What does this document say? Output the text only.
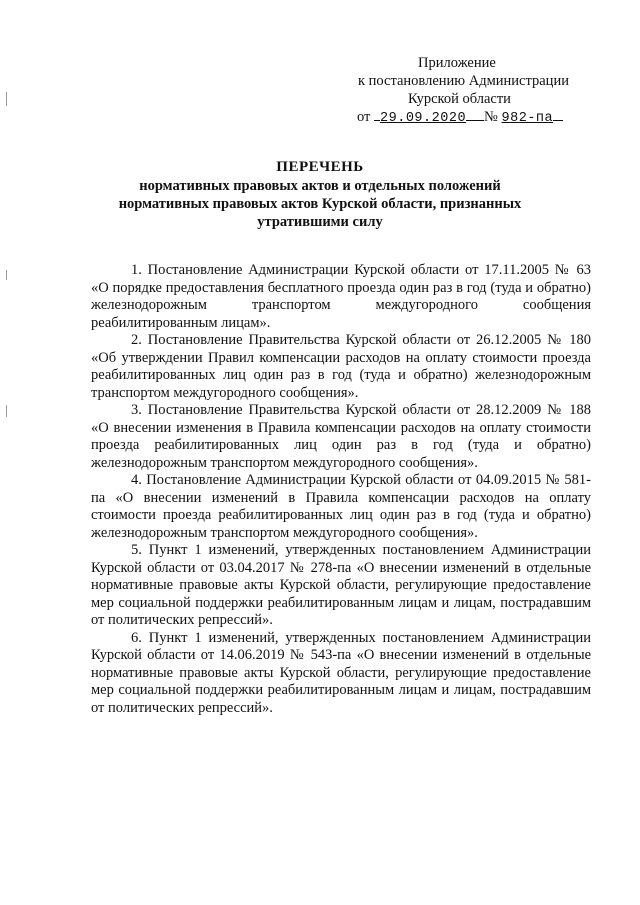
Приложение
к постановлению Администрации
Курской области
от 29.09.2020 № 982-па
ПЕРЕЧЕНЬ
нормативных правовых актов и отдельных положений
нормативных правовых актов Курской области, признанных
утратившими силу

1. Постановление Администрации Курской области от 17.11.2005 № 63 «О порядке предоставления бесплатного проезда один раз в год (туда и обратно) железнодорожным транспортом междугородного сообщения реабилитированным лицам».

2. Постановление Правительства Курской области от 26.12.2005 № 180 «Об утверждении Правил компенсации расходов на оплату стоимости проезда реабилитированных лиц один раз в год (туда и обратно) железнодорожным транспортом междугородного сообщения».

3. Постановление Правительства Курской области от 28.12.2009 № 188 «О внесении изменения в Правила компенсации расходов на оплату стоимости проезда реабилитированных лиц один раз в год (туда и обратно) железнодорожным транспортом междугородного сообщения».

4. Постановление Администрации Курской области от 04.09.2015 № 581-па «О внесении изменений в Правила компенсации расходов на оплату стоимости проезда реабилитированных лиц один раз в год (туда и обратно) железнодорожным транспортом междугородного сообщения».

5. Пункт 1 изменений, утвержденных постановлением Администрации Курской области от 03.04.2017 № 278-па «О внесении изменений в отдельные нормативные правовые акты Курской области, регулирующие предоставление мер социальной поддержки реабилитированным лицам и лицам, пострадавшим от политических репрессий».

6. Пункт 1 изменений, утвержденных постановлением Администрации Курской области от 14.06.2019 № 543-па «О внесении изменений в отдельные нормативные правовые акты Курской области, регулирующие предоставление мер социальной поддержки реабилитированным лицам и лицам, пострадавшим от политических репрессий».
